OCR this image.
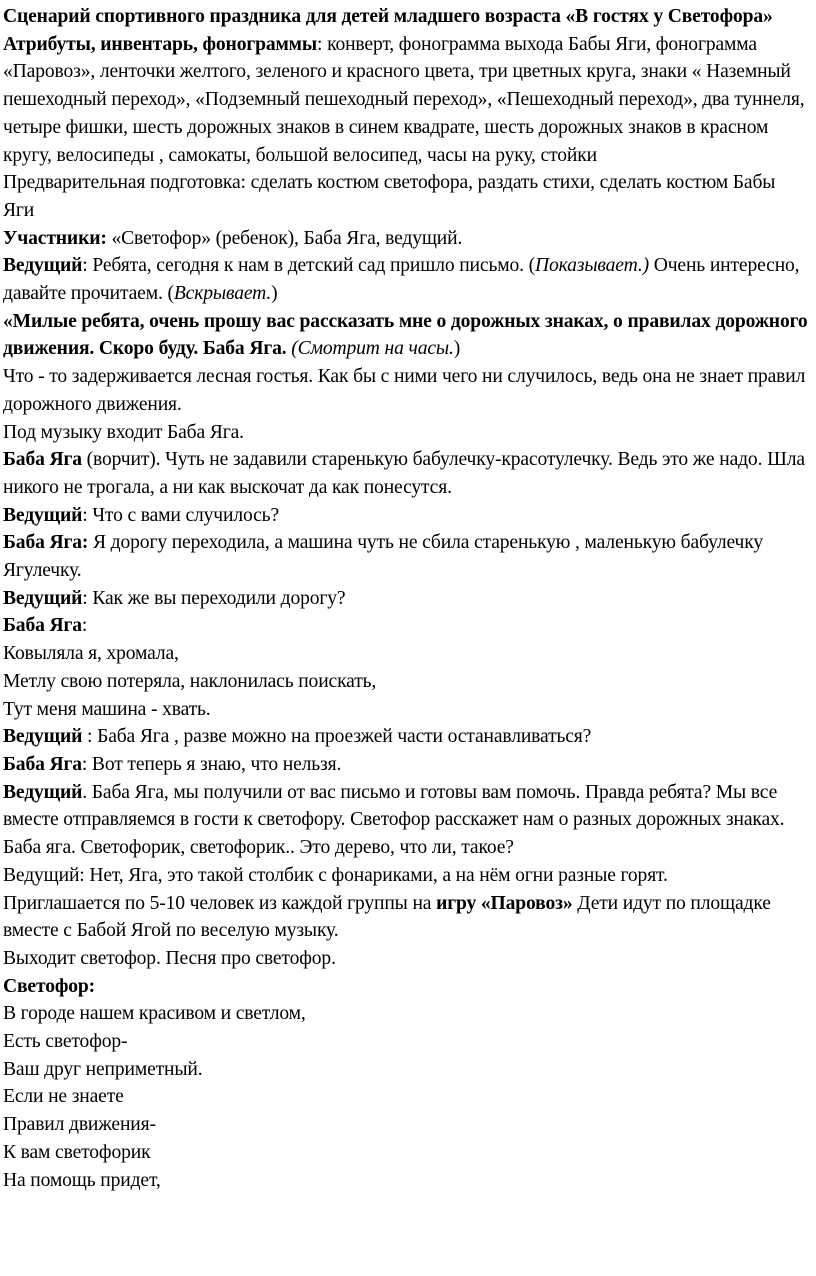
Сценарий спортивного праздника для детей младшего возраста «В гостях у Светофора»

Атрибуты, инвентарь, фонограммы: конверт, фонограмма выхода Бабы Яги, фонограмма «Паровоз», ленточки желтого, зеленого и красного цвета, три цветных круга, знаки « Наземный пешеходный переход», «Подземный пешеходный переход», «Пешеходный переход», два туннеля, четыре фишки, шесть дорожных знаков в синем квадрате, шесть дорожных знаков в красном кругу, велосипеды , самокаты, большой велосипед, часы на руку, стойки

Предварительная подготовка: сделать костюм светофора, раздать стихи, сделать костюм Бабы Яги

Участники: «Светофор» (ребенок), Баба Яга, ведущий.

Ведущий: Ребята, сегодня к нам в детский сад пришло письмо. (Показывает.) Очень интересно, давайте прочитаем. (Вскрывает.)

«Милые ребята, очень прошу вас рассказать мне о дорожных знаках, о правилах дорожного движения. Скоро буду. Баба Яга. (Смотрит на часы.)

Что - то задерживается лесная гостья. Как бы с ними чего ни случилось, ведь она не знает правил дорожного движения.

Под музыку входит Баба Яга.

Баба Яга (ворчит). Чуть не задавили старенькую бабулечку-красотулечку. Ведь это же надо. Шла никого не трогала, а ни как выскочат да как понесутся.

Ведущий: Что с вами случилось?

Баба Яга: Я дорогу переходила, а машина чуть не сбила старенькую , маленькую бабулечку Ягулечку.

Ведущий: Как же вы переходили дорогу?

Баба Яга:

Ковыляла я, хромала,

Метлу свою потеряла, наклонилась поискать,

Тут меня машина - хвать.

Ведущий : Баба Яга , разве можно на проезжей части останавливаться?

Баба Яга: Вот теперь я знаю, что нельзя.

Ведущий. Баба Яга, мы получили от вас письмо и готовы вам помочь. Правда ребята? Мы все вместе отправляемся в гости к светофору. Светофор расскажет нам о разных дорожных знаках.

Баба яга. Светофорик, светофорик.. Это дерево, что ли, такое?

Ведущий: Нет, Яга, это такой столбик с фонариками, а на нём огни разные горят.

Приглашается по 5-10 человек из каждой группы на игру «Паровоз» Дети идут по площадке вместе с Бабой Ягой по веселую музыку.

Выходит светофор. Песня про светофор.

Светофор:

В городе нашем красивом и светлом,

Есть светофор-

Ваш друг неприметный.

Если не знаете

Правил движения-

К вам светофорик

На помощь придет,
